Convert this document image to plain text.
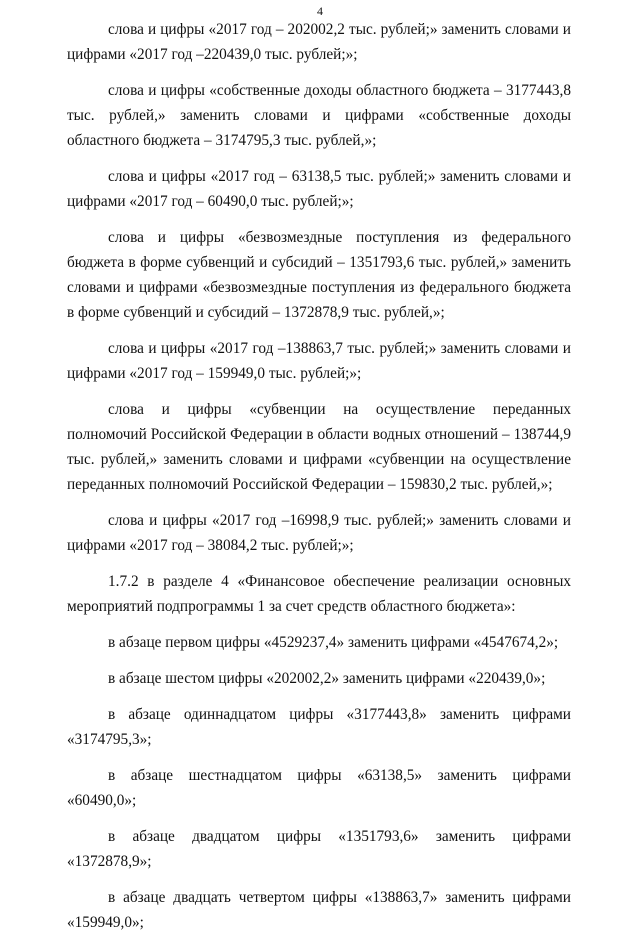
4

слова и цифры «2017 год – 202002,2 тыс. рублей;» заменить словами и цифрами «2017 год –220439,0 тыс. рублей;»;

слова и цифры «собственные доходы областного бюджета – 3177443,8 тыс. рублей,» заменить словами и цифрами «собственные доходы областного бюджета – 3174795,3 тыс. рублей,»;

слова и цифры «2017 год – 63138,5 тыс. рублей;» заменить словами и цифрами «2017 год – 60490,0 тыс. рублей;»;

слова и цифры «безвозмездные поступления из федерального бюджета в форме субвенций и субсидий – 1351793,6 тыс. рублей,» заменить словами и цифрами «безвозмездные поступления из федерального бюджета в форме субвенций и субсидий – 1372878,9 тыс. рублей,»;

слова и цифры «2017 год –138863,7 тыс. рублей;» заменить словами и цифрами «2017 год – 159949,0 тыс. рублей;»;

слова и цифры «субвенции на осуществление переданных полномочий Российской Федерации в области водных отношений – 138744,9 тыс. рублей,» заменить словами и цифрами «субвенции на осуществление переданных полномочий Российской Федерации – 159830,2 тыс. рублей,»;

слова и цифры «2017 год –16998,9 тыс. рублей;» заменить словами и цифрами «2017 год – 38084,2 тыс. рублей;»;

1.7.2 в разделе 4 «Финансовое обеспечение реализации основных мероприятий подпрограммы 1 за счет средств областного бюджета»:

в абзаце первом цифры «4529237,4» заменить цифрами «4547674,2»;

в абзаце шестом цифры «202002,2» заменить цифрами «220439,0»;

в абзаце одиннадцатом цифры «3177443,8» заменить цифрами
«3174795,3»;

в абзаце шестнадцатом цифры «63138,5» заменить цифрами «60490,0»;

в абзаце двадцатом цифры «1351793,6» заменить цифрами «1372878,9»;

в абзаце двадцать четвертом цифры «138863,7» заменить цифрами
«159949,0»;
